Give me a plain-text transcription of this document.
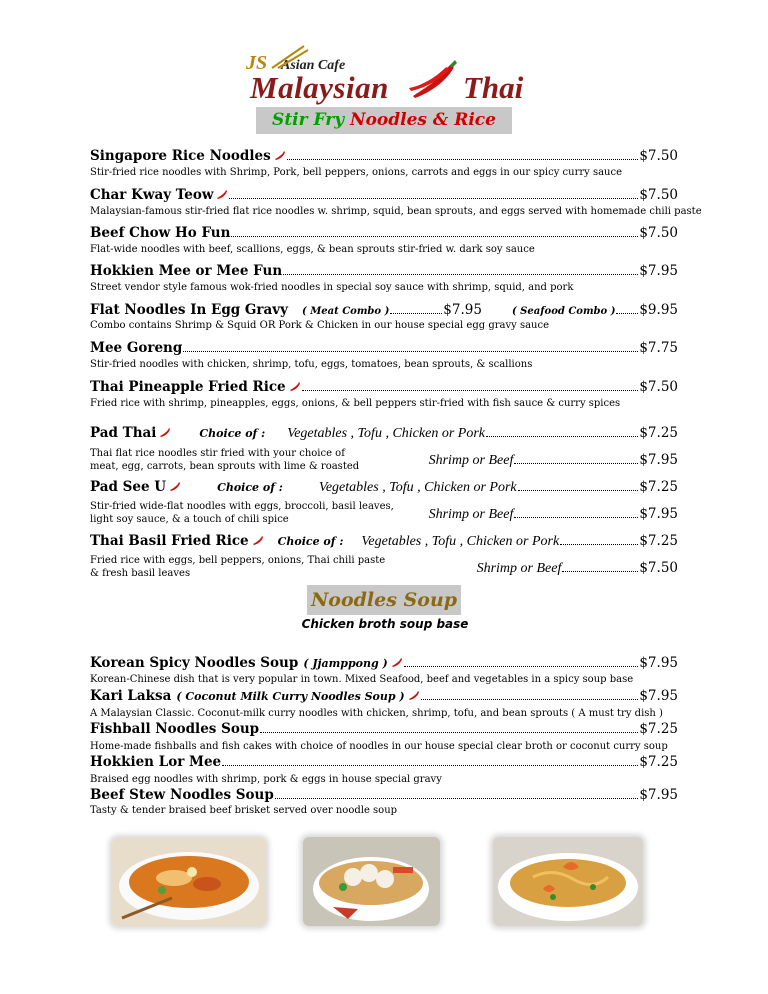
JS Asian Cafe
Malaysian Thai
Stir Fry Noodles & Rice
Singapore Rice Noodles	$7.50
Stir-fried rice noodles with Shrimp, Pork, bell peppers, onions, carrots and eggs in our spicy curry sauce
Char Kway Teow	$7.50
Malaysian-famous stir-fried flat rice noodles w. shrimp, squid, bean sprouts, and eggs served with homemade chili paste
Beef Chow Ho Fun	$7.50
Flat-wide noodles with beef, scallions, eggs, & bean sprouts stir-fried w. dark soy sauce
Hokkien Mee or Mee Fun	$7.95
Street vendor style famous wok-fried noodles in special soy sauce with shrimp, squid, and pork
Flat Noodles In Egg Gravy ( Meat Combo )	$7.95	( Seafood Combo ) $9.95
Combo contains Shrimp & Squid OR Pork & Chicken in our house special egg gravy sauce
Mee Goreng	$7.75
Stir-fried noodles with chicken, shrimp, tofu, eggs, tomatoes, bean sprouts, & scallions
Thai Pineapple Fried Rice	$7.50
Fried rice with shrimp, pineapples, eggs, onions, & bell peppers stir-fried with fish sauce & curry spices
Pad Thai	Choice of : Vegetables , Tofu , Chicken or Pork	$7.25
Thai flat rice noodles stir fried with your choice of
meat, egg, carrots, bean sprouts with lime & roasted	Shrimp or Beef	$7.95
Pad See U	Choice of :	Vegetables , Tofu , Chicken or Pork	$7.25
Stir-fried wide-flat noodles with eggs, broccoli, basil leaves,
light soy sauce, & a touch of chili spice	Shrimp or Beef	$7.95
Thai Basil Fried Rice	Choice of : Vegetables , Tofu , Chicken or Pork	$7.25
Fried rice with eggs, bell peppers, onions, Thai chili paste
& fresh basil leaves	Shrimp or Beef	$7.50
Noodles Soup
Chicken broth soup base
Korean Spicy Noodles Soup ( Jjamppong )	$7.95
Korean-Chinese dish that is very popular in town. Mixed Seafood, beef and vegetables in a spicy soup base
Kari Laksa ( Coconut Milk Curry Noodles Soup )	$7.95
A Malaysian Classic. Coconut-milk curry noodles with chicken, shrimp, tofu, and bean sprouts ( A must try dish )
Fishball Noodles Soup	$7.25
Home-made fishballs and fish cakes with choice of noodles in our house special clear broth or coconut curry soup
Hokkien Lor Mee	$7.25
Braised egg noodles with shrimp, pork & eggs in house special gravy
Beef Stew Noodles Soup	$7.95
Tasty & tender braised beef brisket served over noodle soup
